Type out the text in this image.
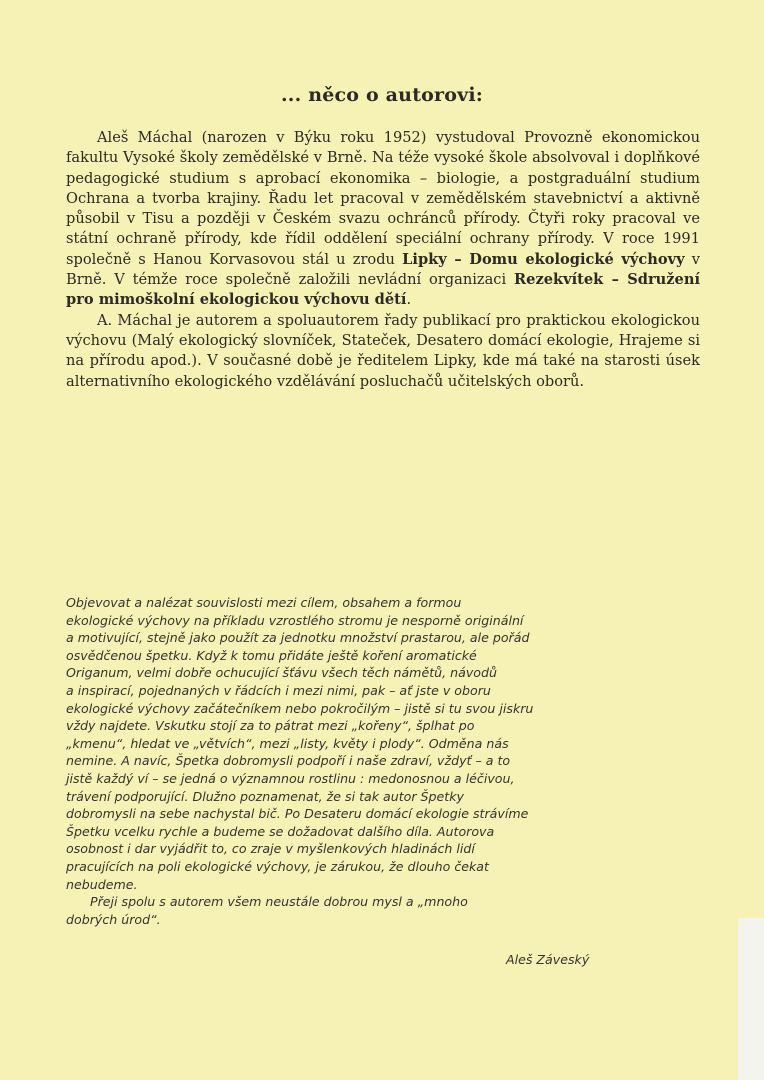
... něco o autorovi:

Aleš Máchal (narozen v Býku roku 1952) vystudoval Provozně ekonomickou fakultu Vysoké školy zemědělské v Brně. Na téže vysoké škole absolvoval i doplňkové pedagogické studium s aprobací ekonomika – biologie, a postgraduální studium Ochrana a tvorba krajiny. Řadu let pracoval v zemědělském stavebnictví a aktivně působil v Tisu a později v Českém svazu ochránců přírody. Čtyři roky pracoval ve státní ochraně přírody, kde řídil oddělení speciální ochrany přírody. V roce 1991 společně s Hanou Korvasovou stál u zrodu Lipky – Domu ekologické výchovy v Brně. V témže roce společně založili nevládní organizaci Rezekvítek – Sdružení pro mimoškolní ekologickou výchovu dětí.

A. Máchal je autorem a spoluautorem řady publikací pro praktickou ekologickou výchovu (Malý ekologický slovníček, Stateček, Desatero domácí ekologie, Hrajeme si na přírodu apod.). V současné době je ředitelem Lipky, kde má také na starosti úsek alternativního ekologického vzdělávání posluchačů učitelských oborů.

Objevovat a nalézat souvislosti mezi cílem, obsahem a formou
ekologické výchovy na příkladu vzrostlého stromu je nesporně originální
a motivující, stejně jako použít za jednotku množství prastarou, ale pořád
osvědčenou špetku. Když k tomu přidáte ještě koření aromatické
Origanum, velmi dobře ochucující šťávu všech těch námětů, návodů
a inspirací, pojednaných v řádcích i mezi nimi, pak – ať jste v oboru
ekologické výchovy začátečníkem nebo pokročilým – jistě si tu svou jiskru
vždy najdete. Vskutku stojí za to pátrat mezi „kořeny“, šplhat po
„kmenu“, hledat ve „větvích“, mezi „listy, květy i plody“. Odměna nás
nemine. A navíc, Špetka dobromysli podpoří i naše zdraví, vždyť – a to
jistě každý ví – se jedná o významnou rostlinu : medonosnou a léčivou,
trávení podporující. Dlužno poznamenat, že si tak autor Špetky
dobromysli na sebe nachystal bič. Po Desateru domácí ekologie strávíme
Špetku vcelku rychle a budeme se dožadovat dalšího díla. Autorova
osobnost i dar vyjádřit to, co zraje v myšlenkových hladinách lidí
pracujících na poli ekologické výchovy, je zárukou, že dlouho čekat
nebudeme.
Přeji spolu s autorem všem neustále dobrou mysl a „mnoho
dobrých úrod“.
Aleš Záveský
